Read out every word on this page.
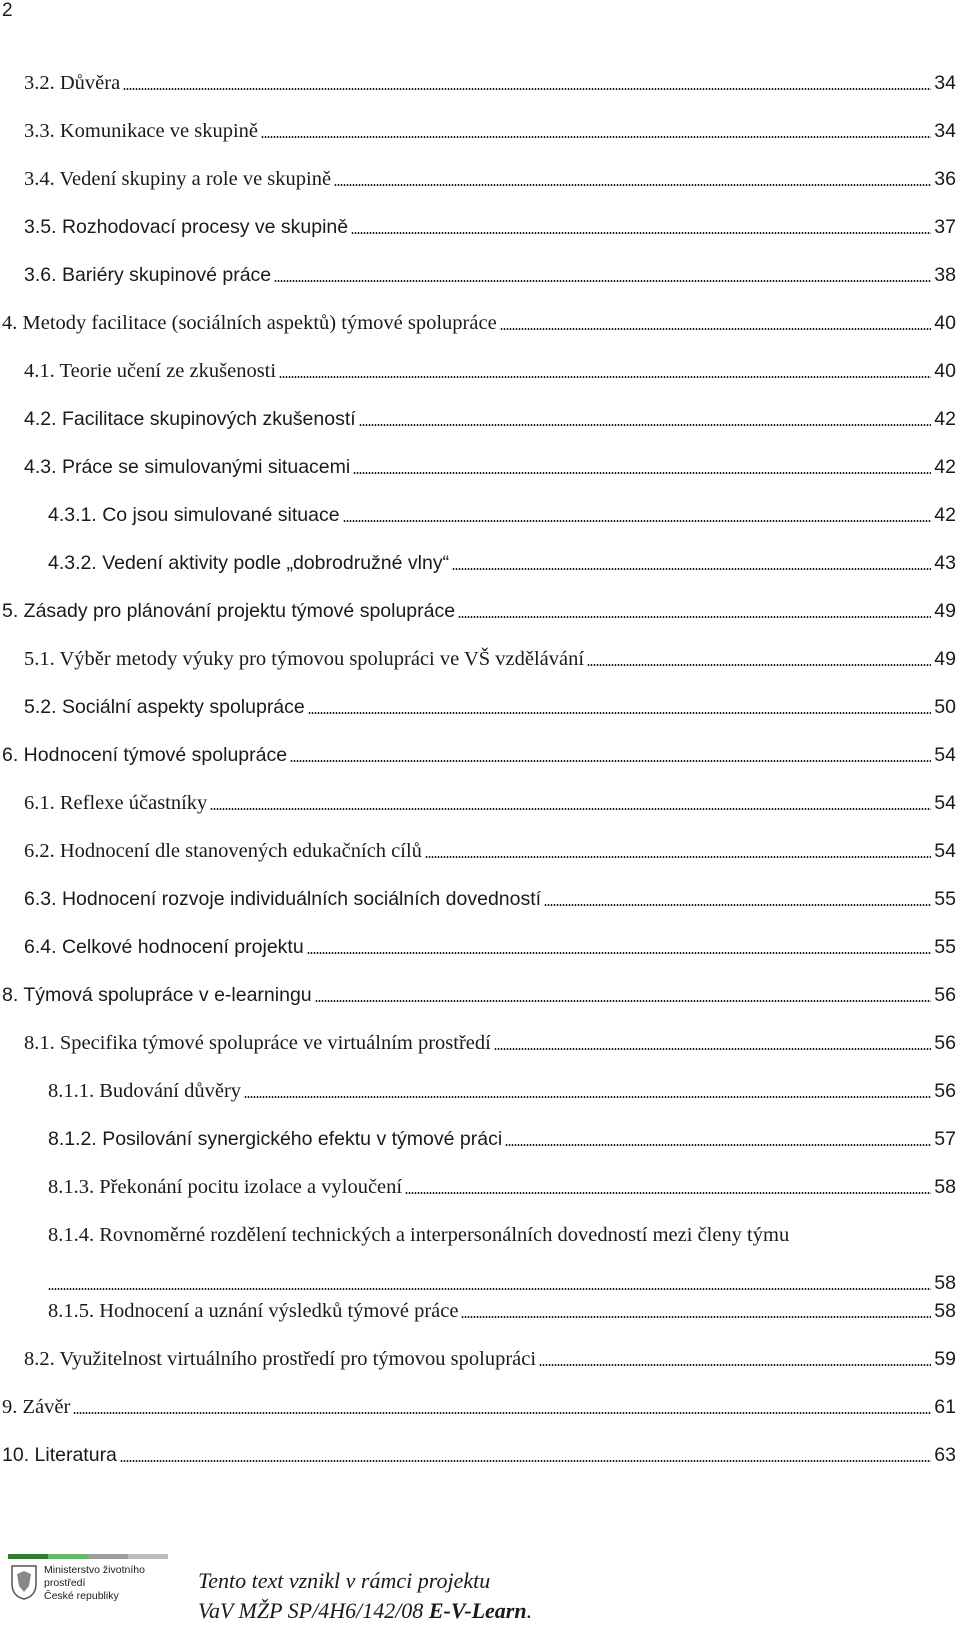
2
3.2. Důvěra	34
3.3. Komunikace ve skupině	34
3.4. Vedení skupiny a role ve skupině	36
3.5. Rozhodovací procesy ve skupině	37
3.6. Bariéry skupinové práce	38
4. Metody facilitace (sociálních aspektů) týmové spolupráce	40
4.1. Teorie učení ze zkušenosti	40
4.2. Facilitace skupinových zkušeností	42
4.3. Práce se simulovanými situacemi	42
4.3.1. Co jsou simulované situace	42
4.3.2. Vedení aktivity podle „dobrodružné vlny“	43
5. Zásady pro plánování projektu týmové spolupráce	49
5.1. Výběr metody výuky pro týmovou spolupráci ve VŠ vzdělávání	49
5.2. Sociální aspekty spolupráce	50
6. Hodnocení týmové spolupráce	54
6.1. Reflexe účastníky	54
6.2. Hodnocení dle stanovených edukačních cílů	54
6.3. Hodnocení rozvoje individuálních sociálních dovedností	55
6.4. Celkové hodnocení projektu	55
8. Týmová spolupráce v e-learningu	56
8.1. Specifika týmové spolupráce ve virtuálním prostředí	56
8.1.1. Budování důvěry	56
8.1.2. Posilování synergického efektu v týmové práci	57
8.1.3. Překonání pocitu izolace a vyloučení	58
8.1.4. Rovnoměrné rozdělení technických a interpersonálních dovedností mezi členy týmu
58
8.1.5. Hodnocení a uznání výsledků týmové práce	58
8.2. Využitelnost virtuálního prostředí pro týmovou spolupráci	59
9. Závěr	61
10. Literatura	63
Ministerstvo životního prostředí
České republiky
Tento text vznikl v rámci projektu
VaV MŽP SP/4H6/142/08 E-V-Learn.
